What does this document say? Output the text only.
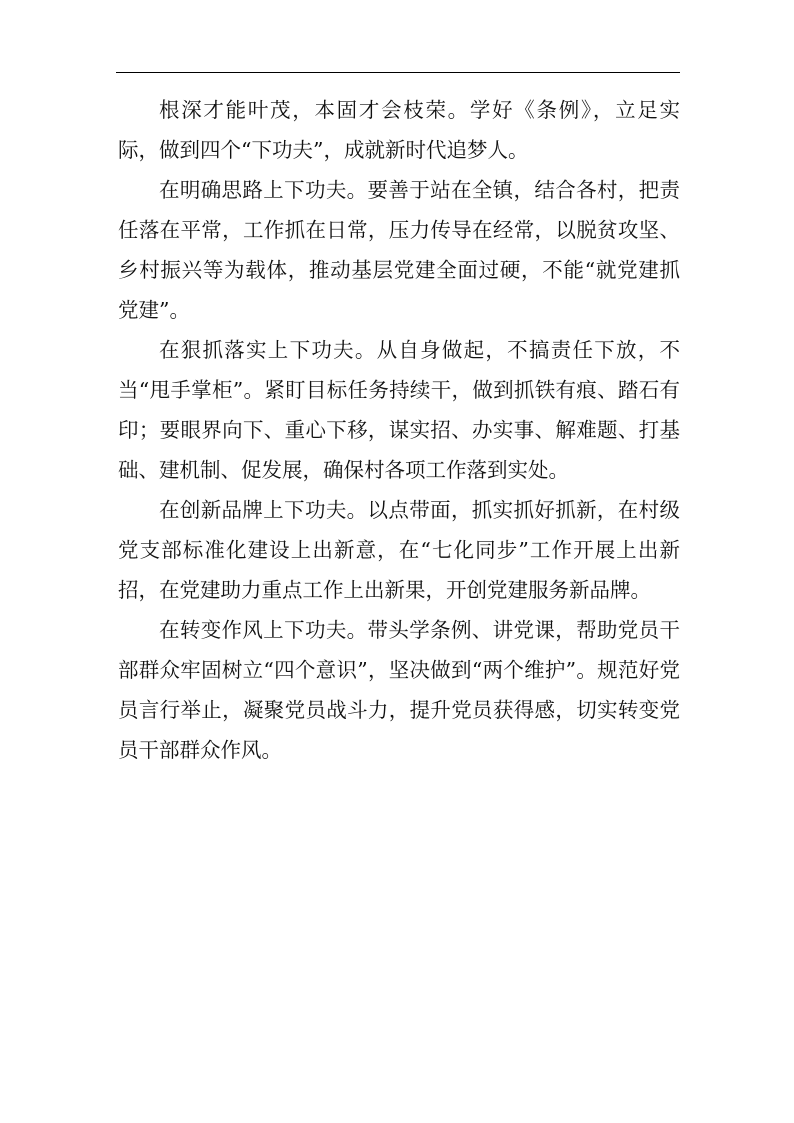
根深才能叶茂，本固才会枝荣。学好《条例》，立足实际，做到四个“下功夫”，成就新时代追梦人。

在明确思路上下功夫。要善于站在全镇，结合各村，把责任落在平常，工作抓在日常，压力传导在经常，以脱贫攻坚、乡村振兴等为载体，推动基层党建全面过硬，不能“就党建抓党建”。

在狠抓落实上下功夫。从自身做起，不搞责任下放，不当“甩手掌柜”。紧盯目标任务持续干，做到抓铁有痕、踏石有印；要眼界向下、重心下移，谋实招、办实事、解难题、打基础、建机制、促发展，确保村各项工作落到实处。

在创新品牌上下功夫。以点带面，抓实抓好抓新，在村级党支部标准化建设上出新意，在“七化同步”工作开展上出新招，在党建助力重点工作上出新果，开创党建服务新品牌。

在转变作风上下功夫。带头学条例、讲党课，帮助党员干部群众牢固树立“四个意识”，坚决做到“两个维护”。规范好党员言行举止，凝聚党员战斗力，提升党员获得感，切实转变党员干部群众作风。
